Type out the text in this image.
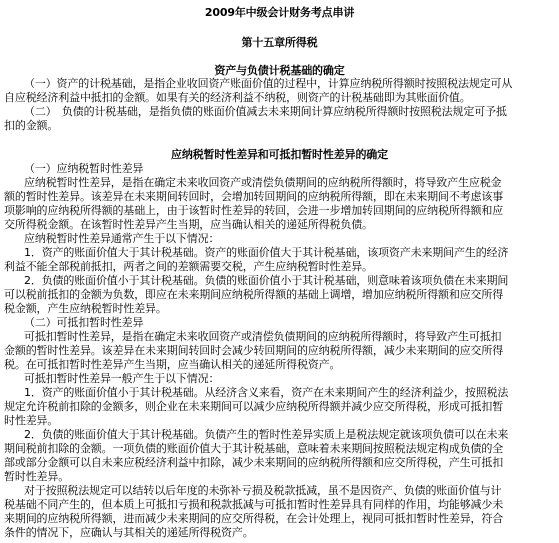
2009年中级会计财务考点串讲
第十五章所得税
资产与负债计税基础的确定
（一）资产的计税基础，是指企业收回资产账面价值的过程中，计算应纳税所得额时按照税法规定可从
自应税经济利益中抵扣的金额。如果有关的经济利益不纳税，则资产的计税基础即为其账面价值。
（二）　负债的计税基础，是指负债的账面价值减去未来期间计算应纳税所得额时按照税法规定可予抵
扣的金额。
应纳税暂时性差异和可抵扣暂时性差异的确定
（一）应纳税暂时性差异
应纳税暂时性差异，是指在确定未来收回资产或清偿负债期间的应纳税所得额时，将导致产生应税金
额的暂时性差异。该差异在未来期间转回时，会增加转回期间的应纳税所得额，即在未来期间不考虑该事
项影响的应纳税所得额的基础上，由于该暂时性差异的转回，会进一步增加转回期间的应纳税所得额和应
交所得税金额。在该暂时性差异产生当期，应当确认相关的递延所得税负债。
应纳税暂时性差异通常产生于以下情况：
1．资产的账面价值大于其计税基础。资产的账面价值大于其计税基础，该项资产未来期间产生的经济
利益不能全部税前抵扣，两者之间的差额需要交税，产生应纳税暂时性差异。
2．负债的账面价值小于其计税基础。负债的账面价值小于其计税基础，则意味着该项负债在未来期间
可以税前抵扣的金额为负数，即应在未来期间应纳税所得额的基础上调增，增加应纳税所得额和应交所得
税金额，产生应纳税暂时性差异。
（二）可抵扣暂时性差异
可抵扣暂时性差异，是指在确定未来收回资产或清偿负债期间的应纳税所得额时，将导致产生可抵扣
金额的暂时性差异。该差异在未来期间转回时会减少转回期间的应纳税所得额，减少未来期间的应交所得
税。在可抵扣暂时性差异产生当期，应当确认相关的递延所得税资产。
可抵扣暂时性差异一般产生于以下情况：
1．资产的账面价值小于其计税基础。从经济含义来看，资产在未来期间产生的经济利益少，按照税法
规定允许税前扣除的金额多，则企业在未来期间可以减少应纳税所得额并减少应交所得税，形成可抵扣暂
时性差异。
2．负债的账面价值大于其计税基础。负债产生的暂时性差异实质上是税法规定就该项负债可以在未来
期间税前扣除的金额。一项负债的账面价值大于其计税基础，意味着未来期间按照税法规定构成负债的全
部或部分金额可以自未来应税经济利益中扣除，减少未来期间的应纳税所得额和应交所得税，产生可抵扣
暂时性差异。
对于按照税法规定可以结转以后年度的未弥补亏损及税款抵减，虽不是因资产、负债的账面价值与计
税基础不同产生的，但本质上可抵扣亏损和税款抵减与可抵扣暂时性差异具有同样的作用，均能够减少未
来期间的应纳税所得额，进而减少未来期间的应交所得税，在会计处理上，视同可抵扣暂时性差异，符合
条件的情况下，应确认与其相关的递延所得税资产。
